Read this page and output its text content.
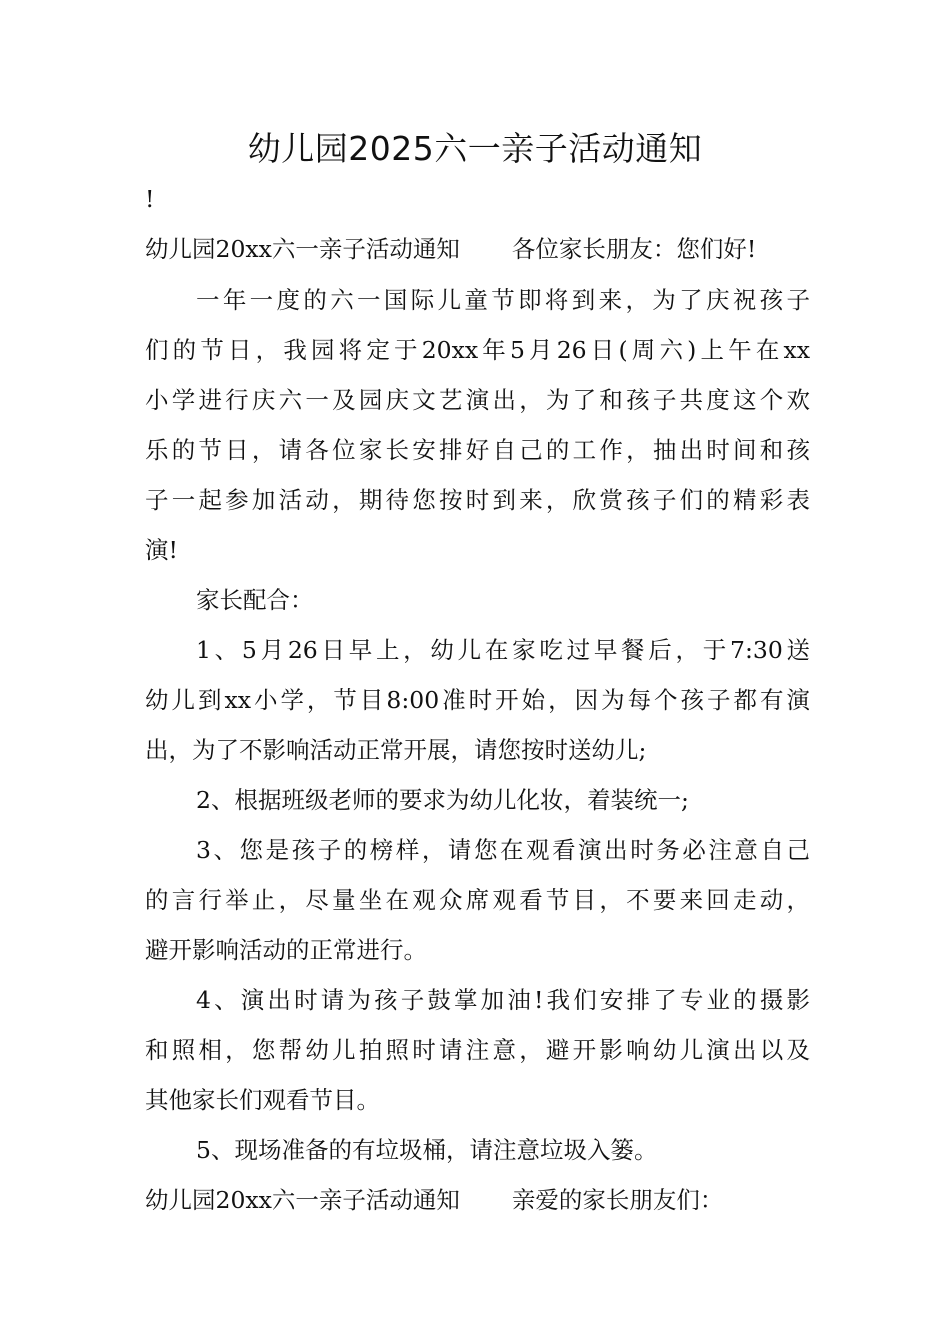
幼儿园2025六一亲子活动通知

!

幼儿园20xx六一亲子活动通知 各位家长朋友：您们好!

一年一度的六一国际儿童节即将到来，为了庆祝孩子

们的节日，我园将定于20xx年5月26日(周六)上午在xx

小学进行庆六一及园庆文艺演出，为了和孩子共度这个欢

乐的节日，请各位家长安排好自己的工作，抽出时间和孩

子一起参加活动，期待您按时到来，欣赏孩子们的精彩表

演!

家长配合：

1、5月26日早上，幼儿在家吃过早餐后，于7:30送

幼儿到xx小学，节目8:00准时开始，因为每个孩子都有演

出，为了不影响活动正常开展，请您按时送幼儿;

2、根据班级老师的要求为幼儿化妆，着装统一;

3、您是孩子的榜样，请您在观看演出时务必注意自己

的言行举止，尽量坐在观众席观看节目，不要来回走动，

避开影响活动的正常进行。

4、演出时请为孩子鼓掌加油!我们安排了专业的摄影

和照相，您帮幼儿拍照时请注意，避开影响幼儿演出以及

其他家长们观看节目。

5、现场准备的有垃圾桶，请注意垃圾入篓。

幼儿园20xx六一亲子活动通知 亲爱的家长朋友们：
